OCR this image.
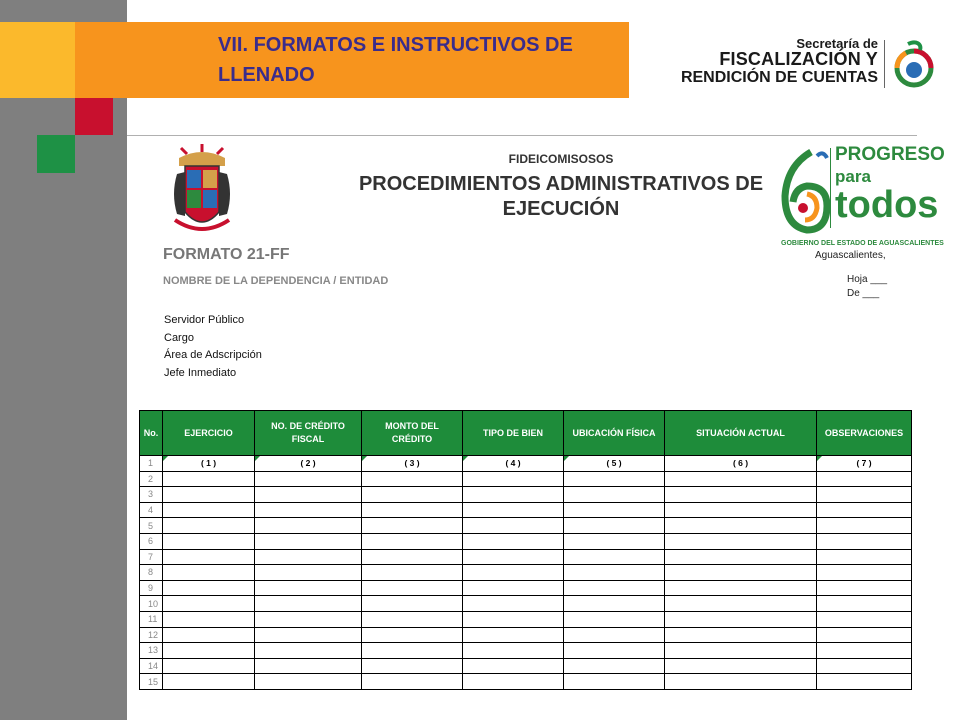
VII. FORMATOS E INSTRUCTIVOS DE LLENADO
Secretaría de
FISCALIZACIÓN Y
RENDICIÓN DE CUENTAS
FIDEICOMISOSOS
PROCEDIMIENTOS ADMINISTRATIVOS DE EJECUCIÓN
PROGRESO
para
todos
GOBIERNO DEL ESTADO DE AGUASCALIENTES
Aguascalientes,
Hoja ___
De ___
FORMATO 21-FF
NOMBRE DE LA DEPENDENCIA / ENTIDAD
Servidor Público
Cargo
Área de Adscripción
Jefe Inmediato
No.	EJERCICIO	NO. DE CRÉDITO FISCAL	MONTO DEL CRÉDITO	TIPO DE BIEN	UBICACIÓN FÍSICA	SITUACIÓN ACTUAL	OBSERVACIONES
1	( 1 )	( 2 )	( 3 )	( 4 )	( 5 )	( 6 )	( 7 )
2							
3							
4							
5							
6							
7							
8							
9							
10							
11							
12							
13							
14							
15							
